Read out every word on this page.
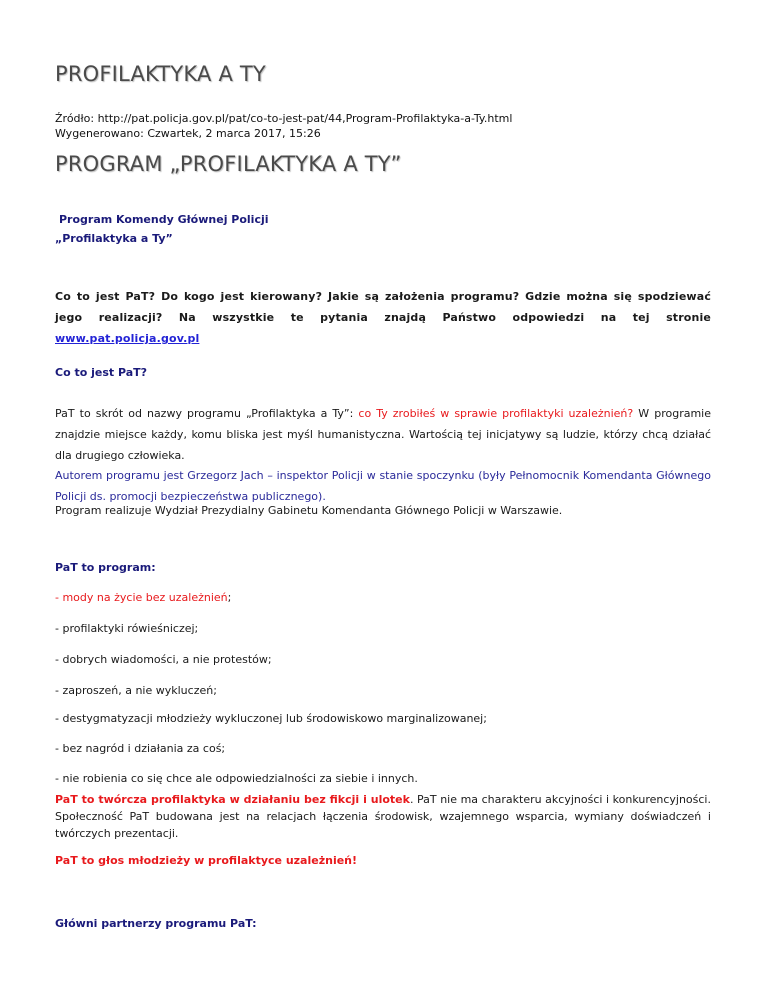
PROFILAKTYKA A TY
Źródło: http://pat.policja.gov.pl/pat/co-to-jest-pat/44,Program-Profilaktyka-a-Ty.html
Wygenerowano: Czwartek, 2 marca 2017, 15:26
PROGRAM „PROFILAKTYKA A TY”
Program Komendy Głównej Policji
„Profilaktyka a Ty”
Co to jest PaT? Do kogo jest kierowany? Jakie są założenia programu? Gdzie można się spodziewać jego realizacji? Na wszystkie te pytania znajdą Państwo odpowiedzi na tej stronie www.pat.policja.gov.pl
Co to jest PaT?
PaT to skrót od nazwy programu „Profilaktyka a Ty”: co Ty zrobiłeś w sprawie profilaktyki uzależnień? W programie znajdzie miejsce każdy, komu bliska jest myśl humanistyczna. Wartością tej inicjatywy są ludzie, którzy chcą działać dla drugiego człowieka.
Autorem programu jest Grzegorz Jach – inspektor Policji w stanie spoczynku (były Pełnomocnik Komendanta Głównego Policji ds. promocji bezpieczeństwa publicznego).
Program realizuje Wydział Prezydialny Gabinetu Komendanta Głównego Policji w Warszawie.
PaT to program:
- mody na życie bez uzależnień;
- profilaktyki rówieśniczej;
- dobrych wiadomości, a nie protestów;
- zaproszeń, a nie wykluczeń;
- destygmatyzacji młodzieży wykluczonej lub środowiskowo marginalizowanej;
- bez nagród i działania za coś;
- nie robienia co się chce ale odpowiedzialności za siebie i innych.
PaT to twórcza profilaktyka w działaniu bez fikcji i ulotek. PaT nie ma charakteru akcyjności i konkurencyjności. Społeczność PaT budowana jest na relacjach łączenia środowisk, wzajemnego wsparcia, wymiany doświadczeń i twórczych prezentacji.
PaT to głos młodzieży w profilaktyce uzależnień!
Główni partnerzy programu PaT:
